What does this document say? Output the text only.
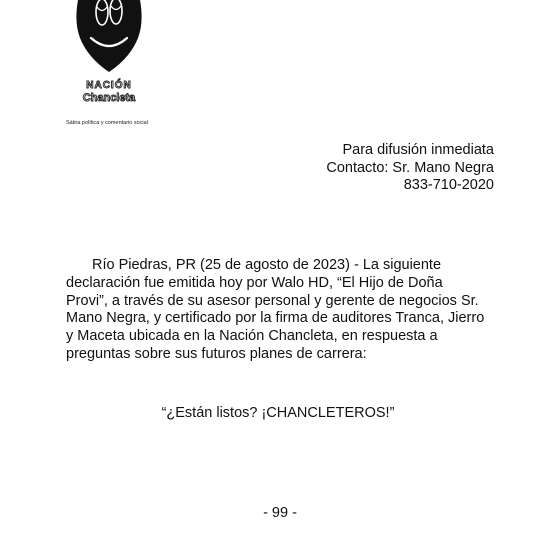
NACIÓN
Chancleta
Sátira política y comentario social
Para difusión inmediata
Contacto: Sr. Mano Negra
833-710-2020
Río Piedras, PR (25 de agosto de 2023) - La siguiente declaración fue emitida hoy por Walo HD, “El Hijo de Doña Provi”, a través de su asesor personal y gerente de negocios Sr. Mano Negra, y certificado por la firma de auditores Tranca, Jierro y Maceta ubicada en la Nación Chancleta, en respuesta a preguntas sobre sus futuros planes de carrera:
“¿Están listos? ¡CHANCLETEROS!”
- 99 -
